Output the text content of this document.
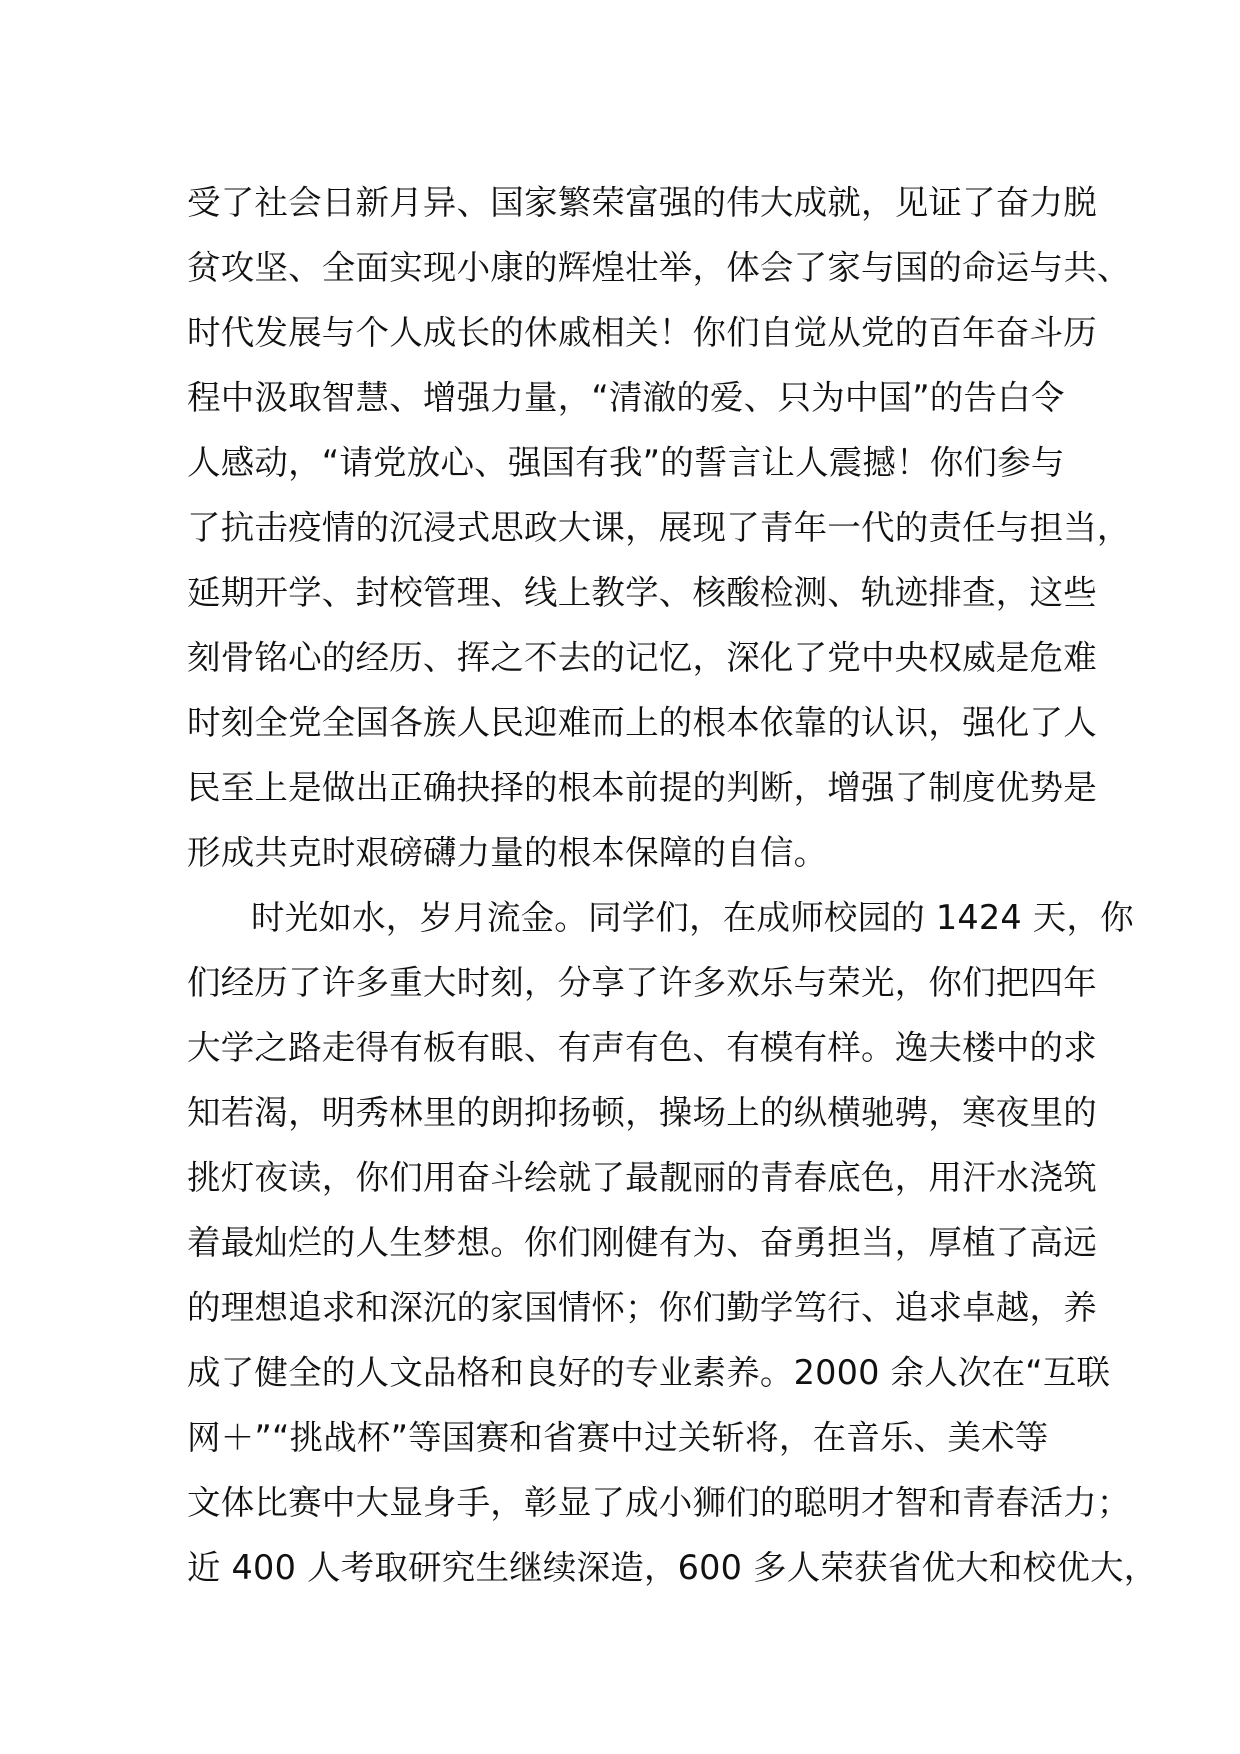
受了社会日新月异、国家繁荣富强的伟大成就，见证了奋力脱
贫攻坚、全面实现小康的辉煌壮举，体会了家与国的命运与共、
时代发展与个人成长的休戚相关！你们自觉从党的百年奋斗历
程中汲取智慧、增强力量，“清澈的爱、只为中国”的告白令
人感动，“请党放心、强国有我”的誓言让人震撼！你们参与
了抗击疫情的沉浸式思政大课，展现了青年一代的责任与担当，
延期开学、封校管理、线上教学、核酸检测、轨迹排查，这些
刻骨铭心的经历、挥之不去的记忆，深化了党中央权威是危难
时刻全党全国各族人民迎难而上的根本依靠的认识，强化了人
民至上是做出正确抉择的根本前提的判断，增强了制度优势是
形成共克时艰磅礴力量的根本保障的自信。
时光如水，岁月流金。同学们，在成师校园的 1424 天，你
们经历了许多重大时刻，分享了许多欢乐与荣光，你们把四年
大学之路走得有板有眼、有声有色、有模有样。逸夫楼中的求
知若渴，明秀林里的朗抑扬顿，操场上的纵横驰骋，寒夜里的
挑灯夜读，你们用奋斗绘就了最靓丽的青春底色，用汗水浇筑
着最灿烂的人生梦想。你们刚健有为、奋勇担当，厚植了高远
的理想追求和深沉的家国情怀；你们勤学笃行、追求卓越，养
成了健全的人文品格和良好的专业素养。2000 余人次在“互联
网＋”“挑战杯”等国赛和省赛中过关斩将，在音乐、美术等
文体比赛中大显身手，彰显了成小狮们的聪明才智和青春活力；
近 400 人考取研究生继续深造，600 多人荣获省优大和校优大，
